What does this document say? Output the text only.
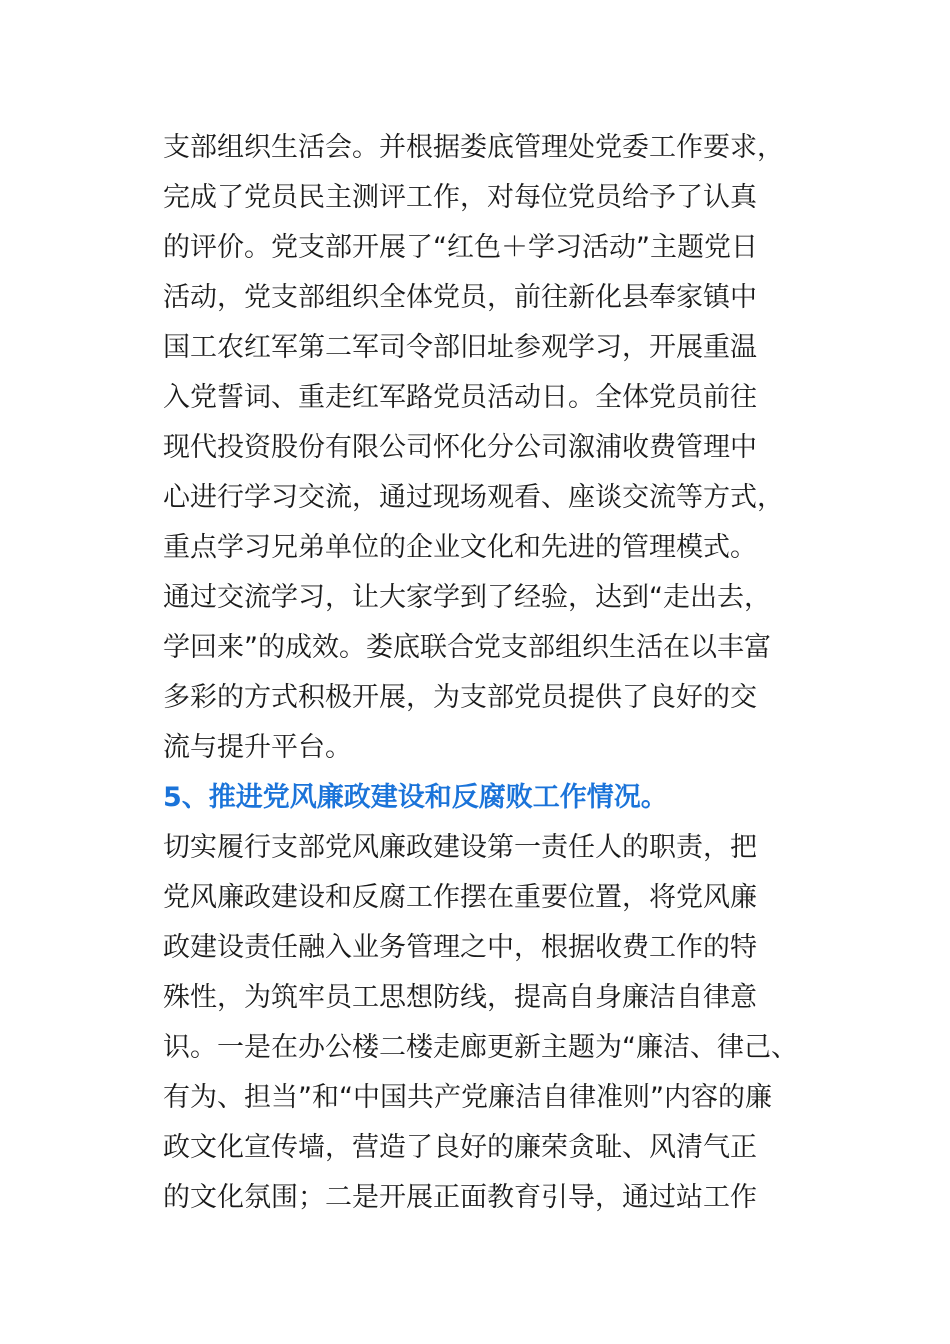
支部组织生活会。并根据娄底管理处党委工作要求，
完成了党员民主测评工作，对每位党员给予了认真
的评价。党支部开展了“红色＋学习活动”主题党日
活动，党支部组织全体党员，前往新化县奉家镇中
国工农红军第二军司令部旧址参观学习，开展重温
入党誓词、重走红军路党员活动日。全体党员前往
现代投资股份有限公司怀化分公司溆浦收费管理中
心进行学习交流，通过现场观看、座谈交流等方式，
重点学习兄弟单位的企业文化和先进的管理模式。
通过交流学习，让大家学到了经验，达到“走出去，
学回来”的成效。娄底联合党支部组织生活在以丰富
多彩的方式积极开展，为支部党员提供了良好的交
流与提升平台。
5、推进党风廉政建设和反腐败工作情况。
切实履行支部党风廉政建设第一责任人的职责，把
党风廉政建设和反腐工作摆在重要位置，将党风廉
政建设责任融入业务管理之中，根据收费工作的特
殊性，为筑牢员工思想防线，提高自身廉洁自律意
识。一是在办公楼二楼走廊更新主题为“廉洁、律己、
有为、担当”和“中国共产党廉洁自律准则”内容的廉
政文化宣传墙，营造了良好的廉荣贪耻、风清气正
的文化氛围；二是开展正面教育引导，通过站工作
